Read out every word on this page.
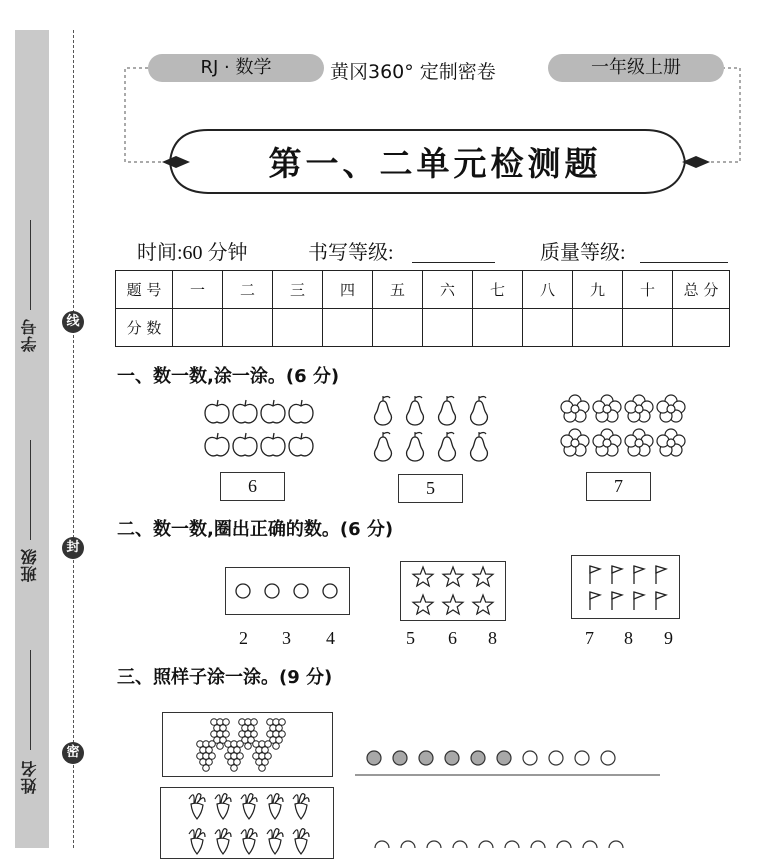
学号
班级
姓名
线
封
密
RJ · 数学	黄冈360° 定制密卷	一年级上册
第一、二单元检测题
时间:60 分钟	书写等级:	质量等级:
题 号	一	二	三	四	五	六	七	八	九	十	总 分
分 数											
一、数一数,涂一涂。(6 分)
6	5	7
二、数一数,圈出正确的数。(6 分)
2 3 4	5 6 8	7 8 9
三、照样子涂一涂。(9 分)
